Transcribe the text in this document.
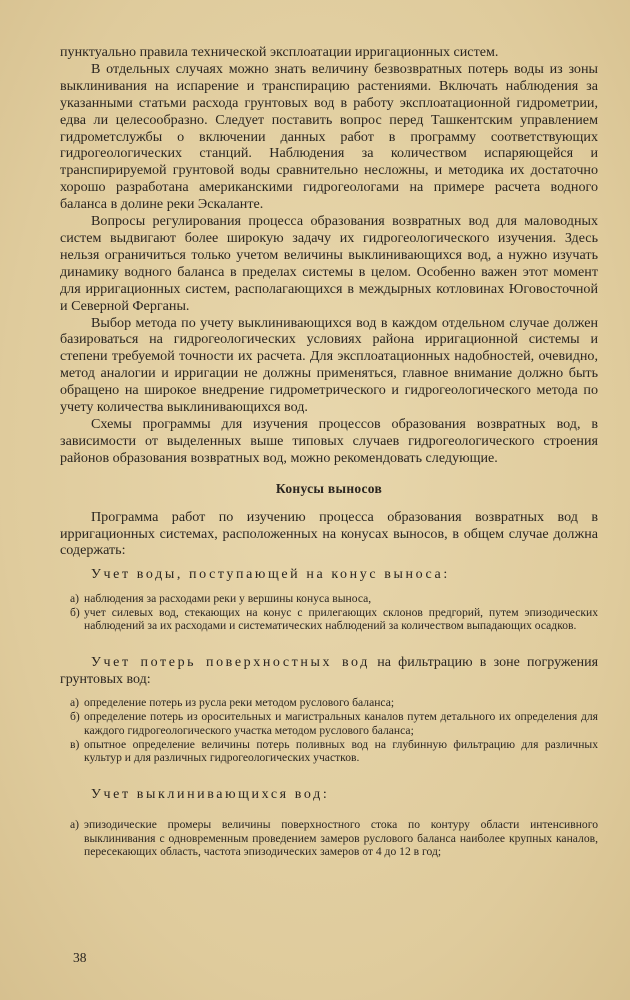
пунктуально правила технической эксплоатации ирригационных систем.

В отдельных случаях можно знать величину безвозвратных потерь воды из зоны выклинивания на испарение и транспирацию растениями. Включать наблюдения за указанными статьми расхода грунтовых вод в работу эксплоатационной гидрометрии, едва ли целесообразно. Следует поставить вопрос перед Ташкентским управлением гидрометслужбы о включении данных работ в программу соответствующих гидрогеологических станций. Наблюдения за количеством испаряющейся и транспирируемой грунтовой воды сравнительно несложны, и методика их достаточно хорошо разработана американскими гидрогеологами на примере расчета водного баланса в долине реки Эскаланте.

Вопросы регулирования процесса образования возвратных вод для маловодных систем выдвигают более широкую задачу их гидрогеологического изучения. Здесь нельзя ограничиться только учетом величины выклинивающихся вод, а нужно изучать динамику водного баланса в пределах системы в целом. Особенно важен этот момент для ирригационных систем, располагающихся в междырных котловинах Юговосточной и Северной Ферганы.

Выбор метода по учету выклинивающихся вод в каждом отдельном случае должен базироваться на гидрогеологических условиях района ирригационной системы и степени требуемой точности их расчета. Для эксплоатационных надобностей, очевидно, метод аналогии и ирригации не должны применяться, главное внимание должно быть обращено на широкое внедрение гидрометрического и гидрогеологического метода по учету количества выклинивающихся вод.

Схемы программы для изучения процессов образования возвратных вод, в зависимости от выделенных выше типовых случаев гидрогеологического строения районов образования возвратных вод, можно рекомендовать следующие.

Конусы выносов

Программа работ по изучению процесса образования возвратных вод в ирригационных системах, расположенных на конусах выносов, в общем случае должна содержать:

Учет воды, поступающей на конус выноса:

а) наблюдения за расходами реки у вершины конуса выноса,
б) учет силевых вод, стекающих на конус с прилегающих склонов предгорий, путем эпизодических наблюдений за их расходами и систематических наблюдений за количеством выпадающих осадков.

Учет потерь поверхностных вод на фильтрацию в зоне погружения грунтовых вод:

а) определение потерь из русла реки методом руслового баланса;
б) определение потерь из оросительных и магистральных каналов путем детального их определения для каждого гидрогеологического участка методом руслового баланса;
в) опытное определение величины потерь поливных вод на глубинную фильтрацию для различных культур и для различных гидрогеологических участков.

Учет выклинивающихся вод:

а) эпизодические промеры величины поверхностного стока по контуру области интенсивного выклинивания с одновременным проведением замеров руслового баланса наиболее крупных каналов, пересекающих область, частота эпизодических замеров от 4 до 12 в год;
38
